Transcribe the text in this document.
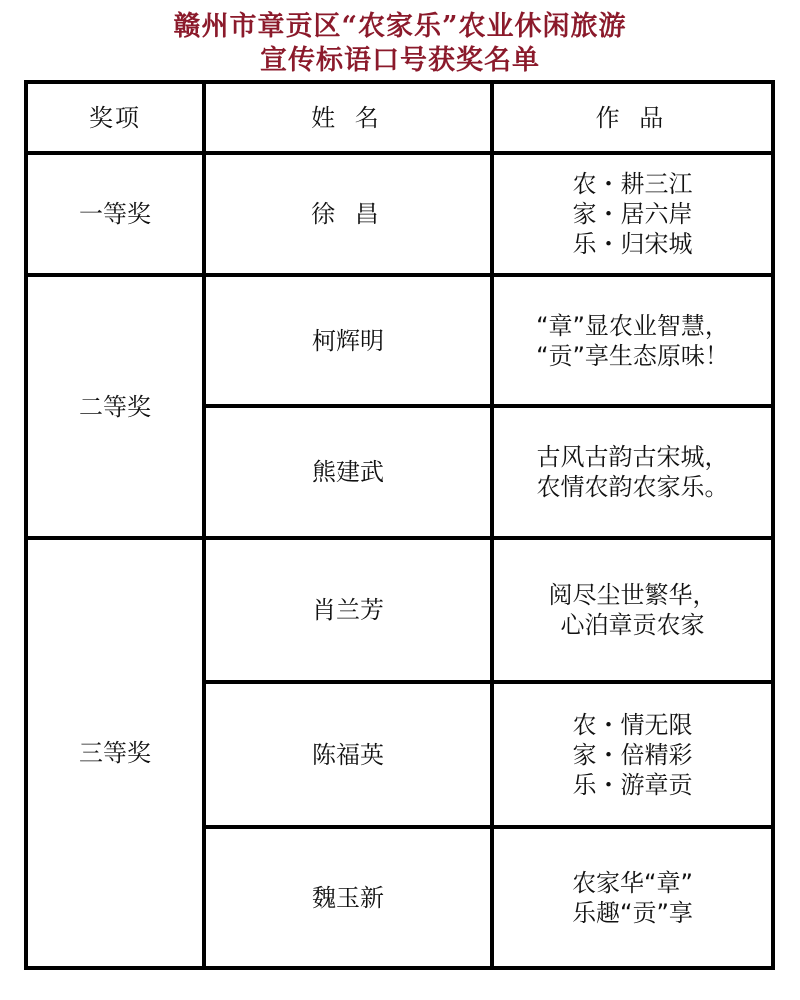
赣州市章贡区“农家乐”农业休闲旅游
宣传标语口号获奖名单
奖项	姓 名	作 品
一等奖
二等奖
三等奖
徐 昌
农・耕三江
家・居六岸
乐・归宋城
柯辉明
“章”显农业智慧，
“贡”享生态原味！
熊建武
古风古韵古宋城，
农情农韵农家乐。
肖兰芳
阅尽尘世繁华，
心泊章贡农家
陈福英
农・情无限
家・倍精彩
乐・游章贡
魏玉新
农家华“章”
乐趣“贡”享
